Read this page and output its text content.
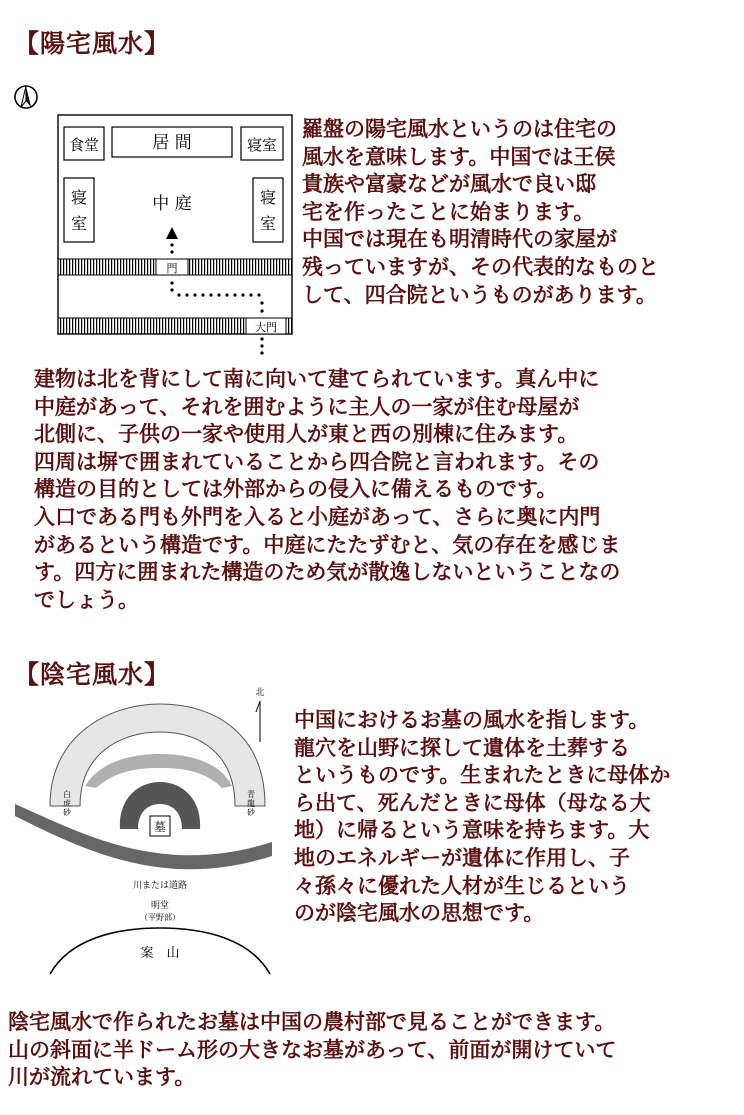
【陽宅風水】
食堂	居 間	寝室
寝
室
寝
室
中 庭
門
大門
羅盤の陽宅風水というのは住宅の
風水を意味します。中国では王侯
貴族や富豪などが風水で良い邸
宅を作ったことに始まります。
中国では現在も明清時代の家屋が
残っていますが、その代表的なものと
して、四合院というものがあります。
建物は北を背にして南に向いて建てられています。真ん中に
中庭があって、それを囲むように主人の一家が住む母屋が
北側に、子供の一家や使用人が東と西の別棟に住みます。
四周は塀で囲まれていることから四合院と言われます。その
構造の目的としては外部からの侵入に備えるものです。
入口である門も外門を入ると小庭があって、さらに奥に内門
があるという構造です。中庭にたたずむと、気の存在を感じま
す。四方に囲まれた構造のため気が散逸しないということなの
でしょう。
【陰宅風水】
北
墓
白
虎
砂
青
龍
砂
川または道路
明堂
（平野部）
案　山
中国におけるお墓の風水を指します。
龍穴を山野に探して遺体を土葬する
というものです。生まれたときに母体か
ら出て、死んだときに母体（母なる大
地）に帰るという意味を持ちます。大
地のエネルギーが遺体に作用し、子
々孫々に優れた人材が生じるという
のが陰宅風水の思想です。
陰宅風水で作られたお墓は中国の農村部で見ることができます。
山の斜面に半ドーム形の大きなお墓があって、前面が開けていて
川が流れています。
